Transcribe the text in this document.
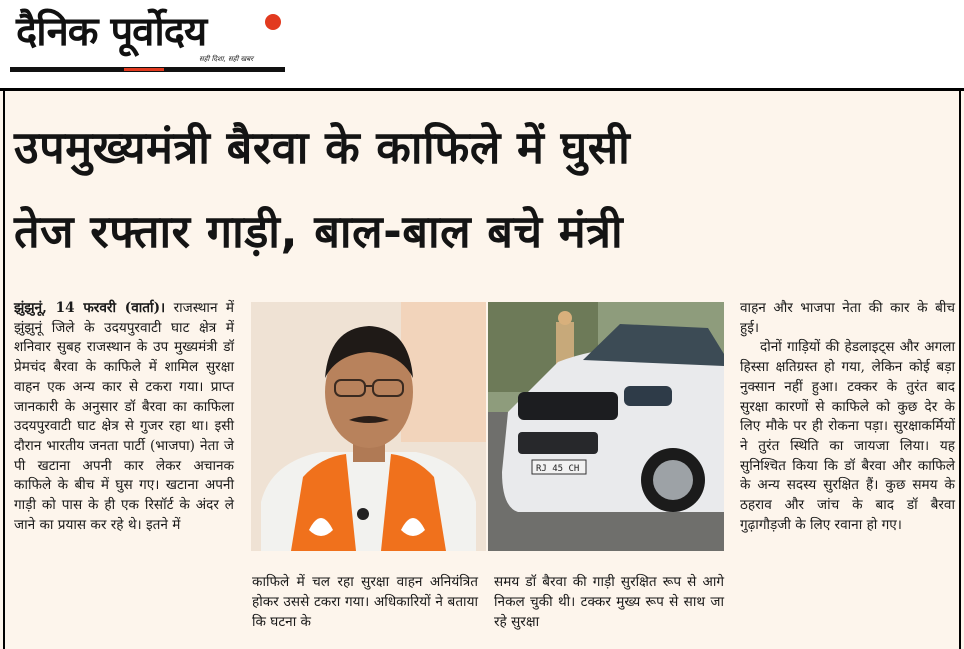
दैनिक पूर्वोदय
सही दिशा, सही खबर
उपमुख्यमंत्री बैरवा के काफिले में घुसी
तेज रफ्तार गाड़ी, बाल-बाल बचे मंत्री

झुंझुनूं, 14 फरवरी (वार्ता)। राजस्थान में झुंझुनूं जिले के उदयपुरवाटी घाट क्षेत्र में शनिवार सुबह राजस्थान के उप मुख्यमंत्री डॉ प्रेमचंद बैरवा के काफिले में शामिल सुरक्षा वाहन एक अन्य कार से टकरा गया। प्राप्त जानकारी के अनुसार डॉ बैरवा का काफिला उदयपुरवाटी घाट क्षेत्र से गुजर रहा था। इसी दौरान भारतीय जनता पार्टी (भाजपा) नेता जे पी खटाना अपनी कार लेकर अचानक काफिले के बीच में घुस गए। खटाना अपनी गाड़ी को पास के ही एक रिसॉर्ट के अंदर ले जाने का प्रयास कर रहे थे। इतने में

RJ 45 CH
काफिले में चल रहा सुरक्षा वाहन अनियंत्रित होकर उससे टकरा गया। अधिकारियों ने बताया कि घटना के
समय डॉ बैरवा की गाड़ी सुरक्षित रूप से आगे निकल चुकी थी। टक्कर मुख्य रूप से साथ जा रहे सुरक्षा

वाहन और भाजपा नेता की कार के बीच हुई।

दोनों गाड़ियों की हेडलाइट्स और अगला हिस्सा क्षतिग्रस्त हो गया, लेकिन कोई बड़ा नुक्सान नहीं हुआ। टक्कर के तुरंत बाद सुरक्षा कारणों से काफिले को कुछ देर के लिए मौके पर ही रोकना पड़ा। सुरक्षाकर्मियों ने तुरंत स्थिति का जायजा लिया। यह सुनिश्चित किया कि डॉ बैरवा और काफिले के अन्य सदस्य सुरक्षित हैं। कुछ समय के ठहराव और जांच के बाद डॉ बैरवा गुढ़ागौड़जी के लिए रवाना हो गए।
